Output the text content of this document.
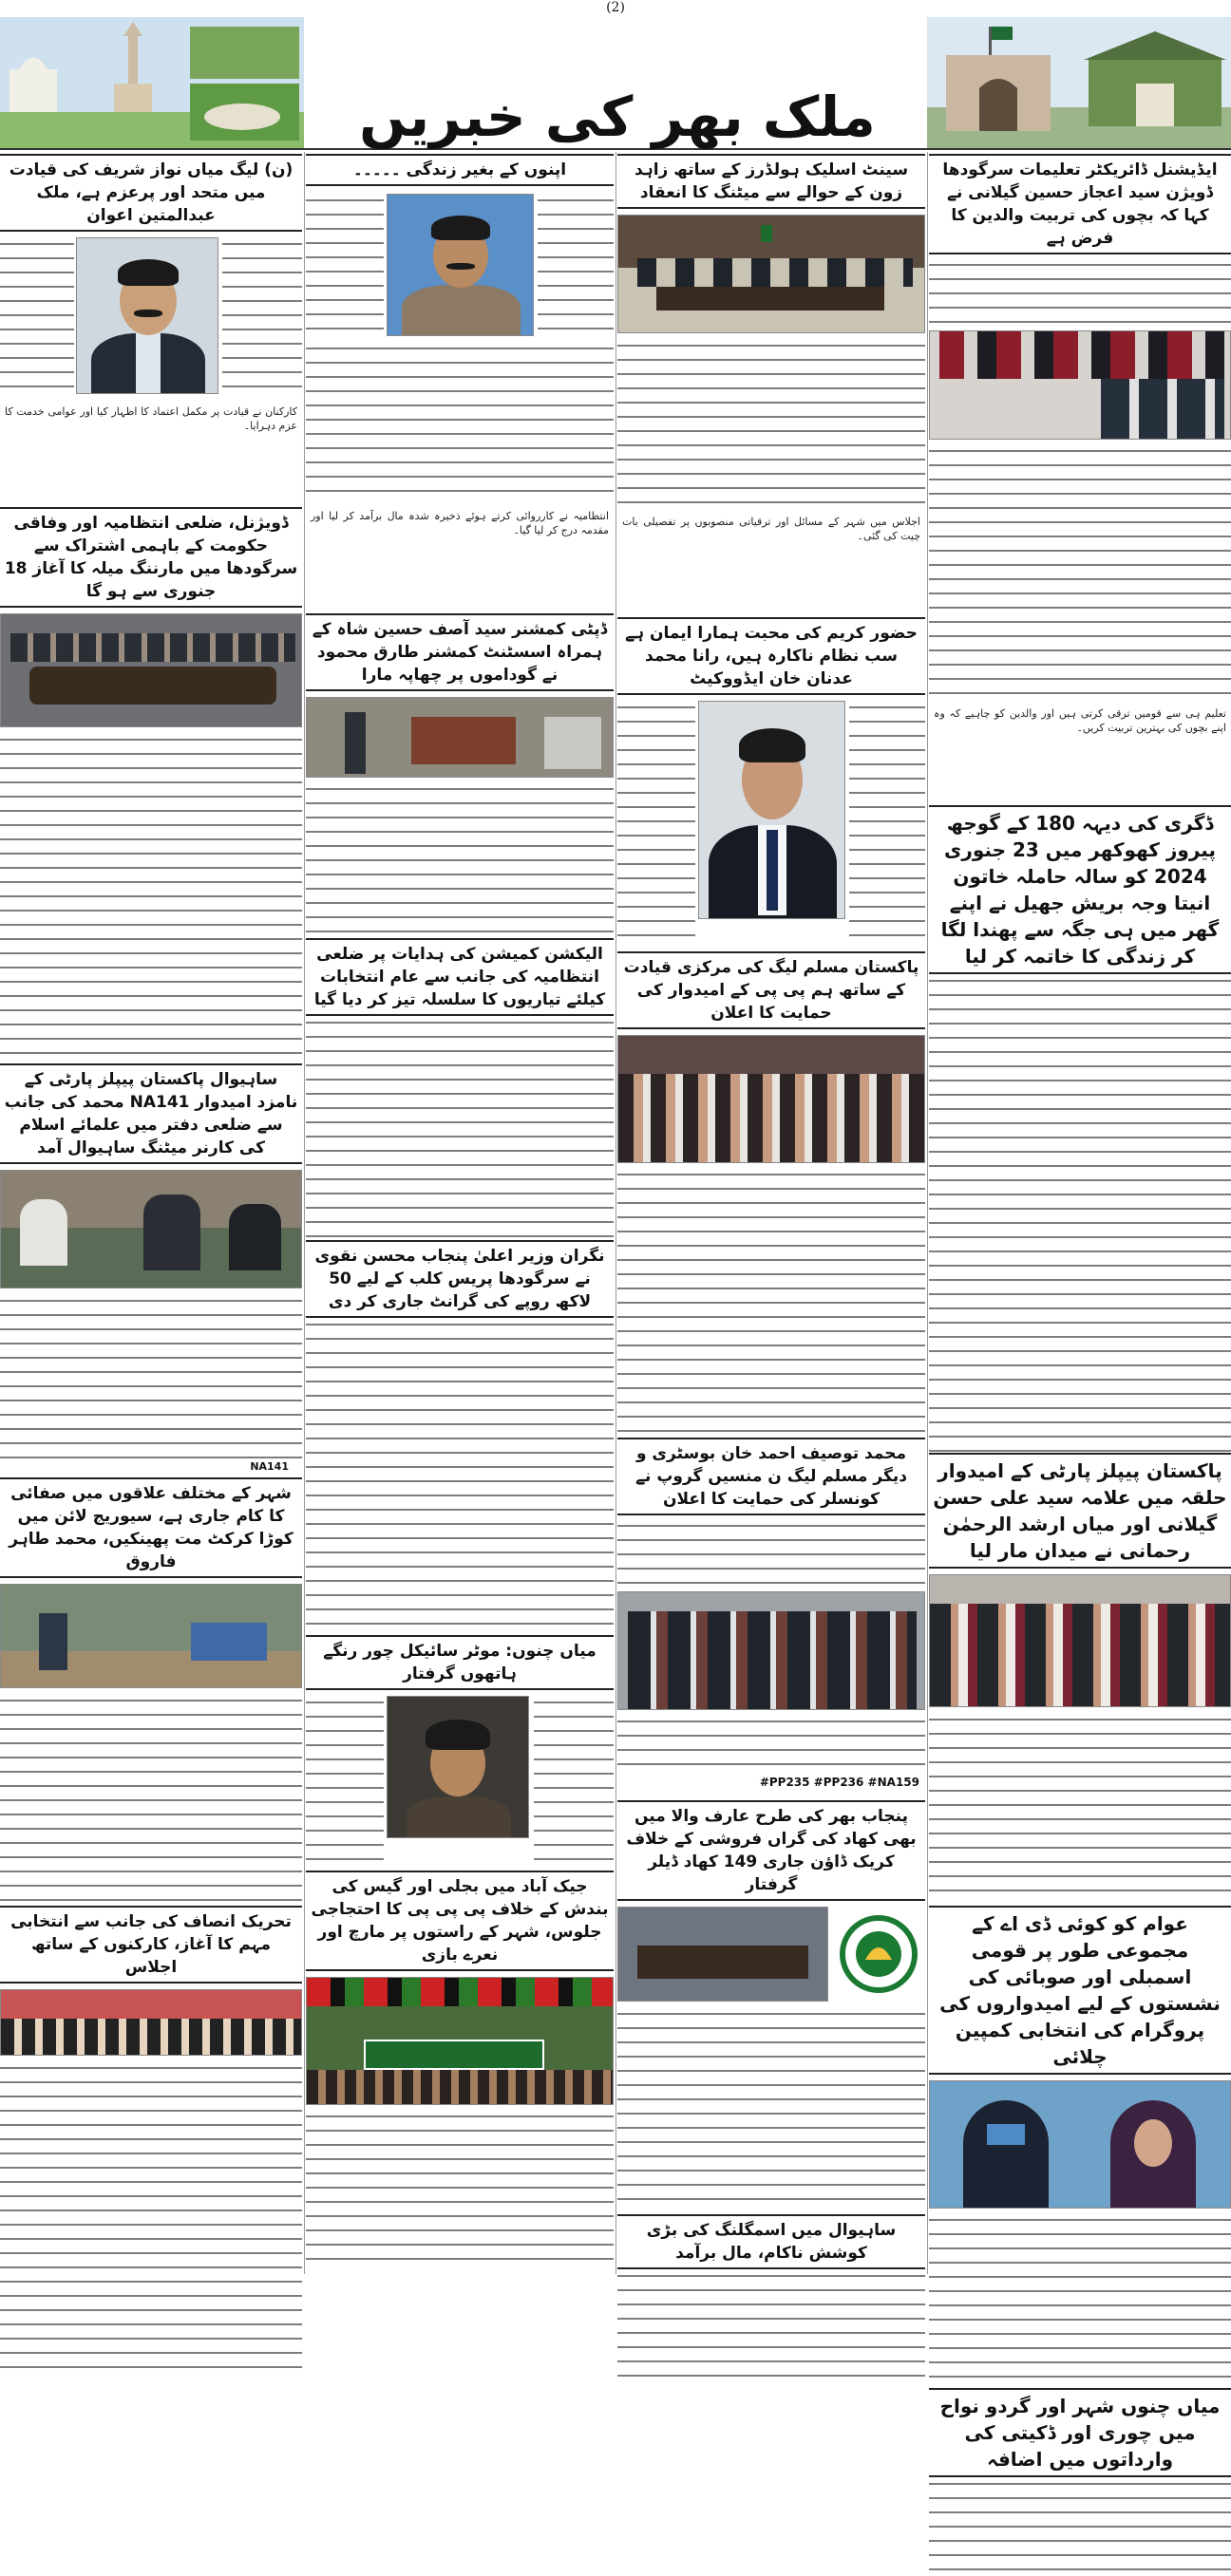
(2)
ملک بھر کی خبریں
(ن) لیگ میاں نواز شریف کی قیادت میں متحد اور پرعزم ہے، ملک عبدالمتین اعوان
کارکنان نے قیادت پر مکمل اعتماد کا اظہار کیا اور عوامی خدمت کا عزم دہرایا۔
ڈویژنل، ضلعی انتظامیہ اور وفاقی حکومت کے باہمی اشتراک سے سرگودھا میں مارننگ میلہ کا آغاز 18 جنوری سے ہو گا
ساہیوال پاکستان پیپلز پارٹی کے نامزد امیدوار NA141 محمد کی جانب سے ضلعی دفتر میں علمائے اسلام کی کارنر میٹنگ ساہیوال آمد
NA141
شہر کے مختلف علاقوں میں صفائی کا کام جاری ہے، سیوریج لائن میں کوڑا کرکٹ مت پھینکیں، محمد طاہر فاروق
تحریک انصاف کی جانب سے انتخابی مہم کا آغاز، کارکنوں کے ساتھ اجلاس
اپنوں کے بغیر زندگی ۔۔۔۔۔
انتظامیہ نے کارروائی کرتے ہوئے ذخیرہ شدہ مال برآمد کر لیا اور مقدمہ درج کر لیا گیا۔
ڈپٹی کمشنر سید آصف حسین شاہ کے ہمراہ اسسٹنٹ کمشنر طارق محمود نے گوداموں پر چھاپہ مارا
الیکشن کمیشن کی ہدایات پر ضلعی انتظامیہ کی جانب سے عام انتخابات کیلئے تیاریوں کا سلسلہ تیز کر دیا گیا
نگران وزیر اعلیٰ پنجاب محسن نقوی نے سرگودھا پریس کلب کے لیے 50 لاکھ روپے کی گرانٹ جاری کر دی
میاں چنوں: موٹر سائیکل چور رنگے ہاتھوں گرفتار
جیک آباد میں بجلی اور گیس کی بندش کے خلاف پی پی پی کا احتجاجی جلوس، شہر کے راستوں پر مارچ اور نعرے بازی
سینٹ اسلیک ہولڈرز کے ساتھ زاہد زون کے حوالے سے میٹنگ کا انعقاد
اجلاس میں شہر کے مسائل اور ترقیاتی منصوبوں پر تفصیلی بات چیت کی گئی۔
حضور کریم کی محبت ہمارا ایمان ہے سب نظام ناکارہ ہیں، رانا محمد عدنان خان ایڈووکیٹ
پاکستان مسلم لیگ کی مرکزی قیادت کے ساتھ ہم پی پی کے امیدوار کی حمایت کا اعلان
محمد توصیف احمد خان بوسٹری و دیگر مسلم لیگ ن منسیں گروپ نے کونسلر کی حمایت کا اعلان
#PP235 #PP236 #NA159
پنجاب بھر کی طرح عارف والا میں بھی کھاد کی گراں فروشی کے خلاف کریک ڈاؤن جاری 149 کھاد ڈیلر گرفتار
ساہیوال میں اسمگلنگ کی بڑی کوشش ناکام، مال برآمد
ایڈیشنل ڈائریکٹر تعلیمات سرگودھا ڈویژن سید اعجاز حسین گیلانی نے کہا کہ بچوں کی تربیت والدین کا فرض ہے
تعلیم ہی سے قومیں ترقی کرتی ہیں اور والدین کو چاہیے کہ وہ اپنے بچوں کی بہترین تربیت کریں۔
ڈگری کی دیہہ 180 کے گوجھ پیروز کھوکھر میں 23 جنوری 2024 کو سالہ حاملہ خاتون انیتا وجہ بریش جھیل نے اپنے گھر میں ہی جگہ سے پھندا لگا کر زندگی کا خاتمہ کر لیا
پاکستان پیپلز پارٹی کے امیدوار حلقہ میں علامہ سید علی حسن گیلانی اور میاں ارشد الرحمٰن رحمانی نے میدان مار لیا
عوام کو کوئی ڈی اے کے مجموعی طور پر قومی اسمبلی اور صوبائی کی نشستوں کے لیے امیدواروں کی پروگرام کی انتخابی کمپین چلائی
میاں چنوں شہر اور گردو نواح میں چوری اور ڈکیتی کی وارداتوں میں اضافہ
